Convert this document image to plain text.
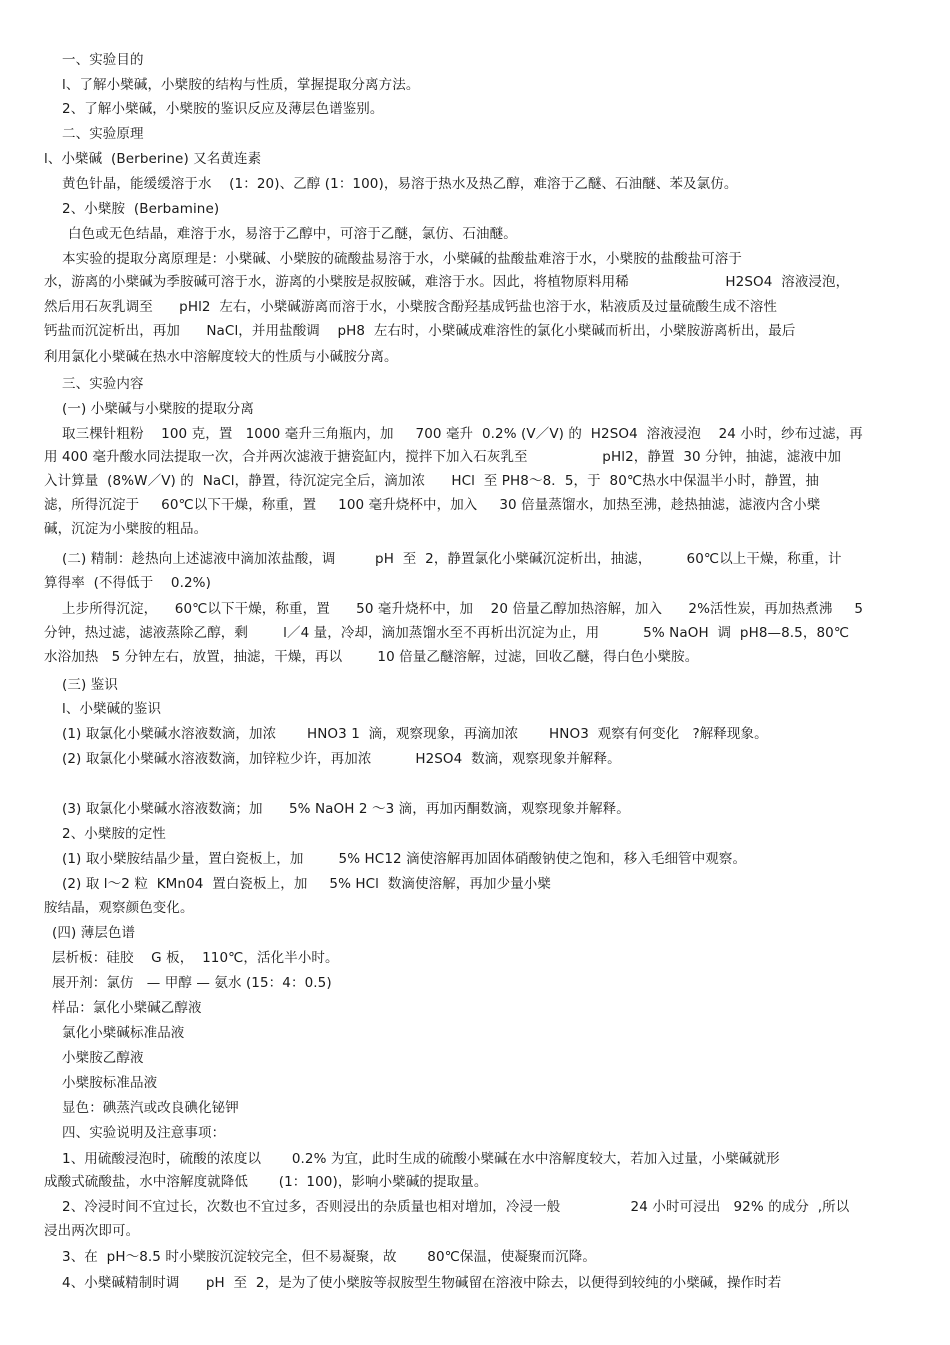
一、实验目的

l、了解小檗碱，小檗胺的结构与性质，掌握提取分离方法。

2、了解小檗碱，小檗胺的鉴识反应及薄层色谱鉴别。

二、实验原理

l、小檗碱  (Berberine) 又名黄连素

黄色针晶，能缓缓溶于水    (1：20)、乙醇 (1：100)，易溶于热水及热乙醇，难溶于乙醚、石油醚、苯及氯仿。

2、小檗胺  (Berbamine)

白色或无色结晶，难溶于水，易溶于乙醇中，可溶于乙醚，氯仿、石油醚。

本实验的提取分离原理是：小檗碱、小檗胺的硫酸盐易溶于水，小檗碱的盐酸盐难溶于水，小檗胺的盐酸盐可溶于

水，游离的小檗碱为季胺碱可溶于水，游离的小檗胺是叔胺碱，难溶于水。因此，将植物原料用稀                      H2SO4  溶液浸泡，

然后用石灰乳调至      pHl2  左右，小檗碱游离而溶于水，小檗胺含酚羟基成钙盐也溶于水，粘液质及过量硫酸生成不溶性

钙盐而沉淀析出，再加      NaCl，并用盐酸调    pH8  左右时，小檗碱成难溶性的氯化小檗碱而析出，小檗胺游离析出，最后

利用氯化小檗碱在热水中溶解度较大的性质与小碱胺分离。

三、实验内容

(一) 小檗碱与小檗胺的提取分离

取三棵针粗粉    100 克，置   1000 毫升三角瓶内，加     700 毫升  0.2% (V／V) 的  H2SO4  溶液浸泡    24 小时，纱布过滤，再

用 400 毫升酸水同法提取一次，合并两次滤液于搪瓷缸内，搅拌下加入石灰乳至                 pHl2，静置  30 分钟，抽滤，滤液中加

入计算量  (8%W／V) 的  NaCl，静置，待沉淀完全后，滴加浓      HCl  至 PH8～8．5，于  80℃热水中保温半小时，静置，抽

滤，所得沉淀于     60℃以下干燥，称重，置     100 毫升烧杯中，加入     30 倍量蒸馏水，加热至沸，趁热抽滤，滤液内含小檗

碱，沉淀为小檗胺的粗品。

(二) 精制：趁热向上述滤液中滴加浓盐酸，调         pH  至  2，静置氯化小檗碱沉淀析出，抽滤，        60℃以上干燥，称重，计

算得率  (不得低于    0.2%)

上步所得沉淀，    60℃以下干燥，称重，置      50 毫升烧杯中，加    20 倍量乙醇加热溶解，加入      2%活性炭，再加热煮沸     5

分钟，热过滤，滤液蒸除乙醇，剩        l／4 量，冷却，滴加蒸馏水至不再析出沉淀为止，用          5% NaOH  调  pH8—8.5，80℃

水浴加热   5 分钟左右，放置，抽滤，干燥，再以        10 倍量乙醚溶解，过滤，回收乙醚，得白色小檗胺。

(三) 鉴识

l、小檗碱的鉴识

(1) 取氯化小檗碱水溶液数滴，加浓       HNO3 1  滴，观察现象，再滴加浓       HNO3  观察有何变化   ?解释现象。

(2) 取氯化小檗碱水溶液数滴，加锌粒少许，再加浓          H2SO4  数滴，观察现象并解释。

(3) 取氯化小檗碱水溶液数滴；加      5% NaOH 2 ～3 滴，再加丙酮数滴，观察现象并解释。

2、小檗胺的定性

(1) 取小檗胺结晶少量，置白瓷板上，加        5% HC12 滴使溶解再加固体硝酸钠使之饱和，移入毛细管中观察。

(2) 取 l～2 粒  KMn04  置白瓷板上，加     5% HCl  数滴使溶解，再加少量小檗

胺结晶，观察颜色变化。

(四) 薄层色谱

层析板：硅胶    G 板，  110℃，活化半小时。

展开剂：氯仿   — 甲醇 — 氨水 (15：4：0.5)

样品：氯化小檗碱乙醇液

氯化小檗碱标准品液

小檗胺乙醇液

小檗胺标准品液

显色：碘蒸汽或改良碘化铋钾

四、实验说明及注意事项：

1、用硫酸浸泡时，硫酸的浓度以       0.2% 为宜，此时生成的硫酸小檗碱在水中溶解度较大，若加入过量，小檗碱就形

成酸式硫酸盐，水中溶解度就降低       (1：100)，影响小檗碱的提取量。

2、冷浸时间不宜过长，次数也不宜过多，否则浸出的杂质量也相对增加，冷浸一般                24 小时可浸出   92% 的成分  ,所以

浸出两次即可。

3、在  pH～8.5 时小檗胺沉淀较完全，但不易凝聚，故       80℃保温，使凝聚而沉降。

4、小檗碱精制时调      pH  至  2，是为了使小檗胺等叔胺型生物碱留在溶液中除去，以便得到较纯的小檗碱，操作时若
